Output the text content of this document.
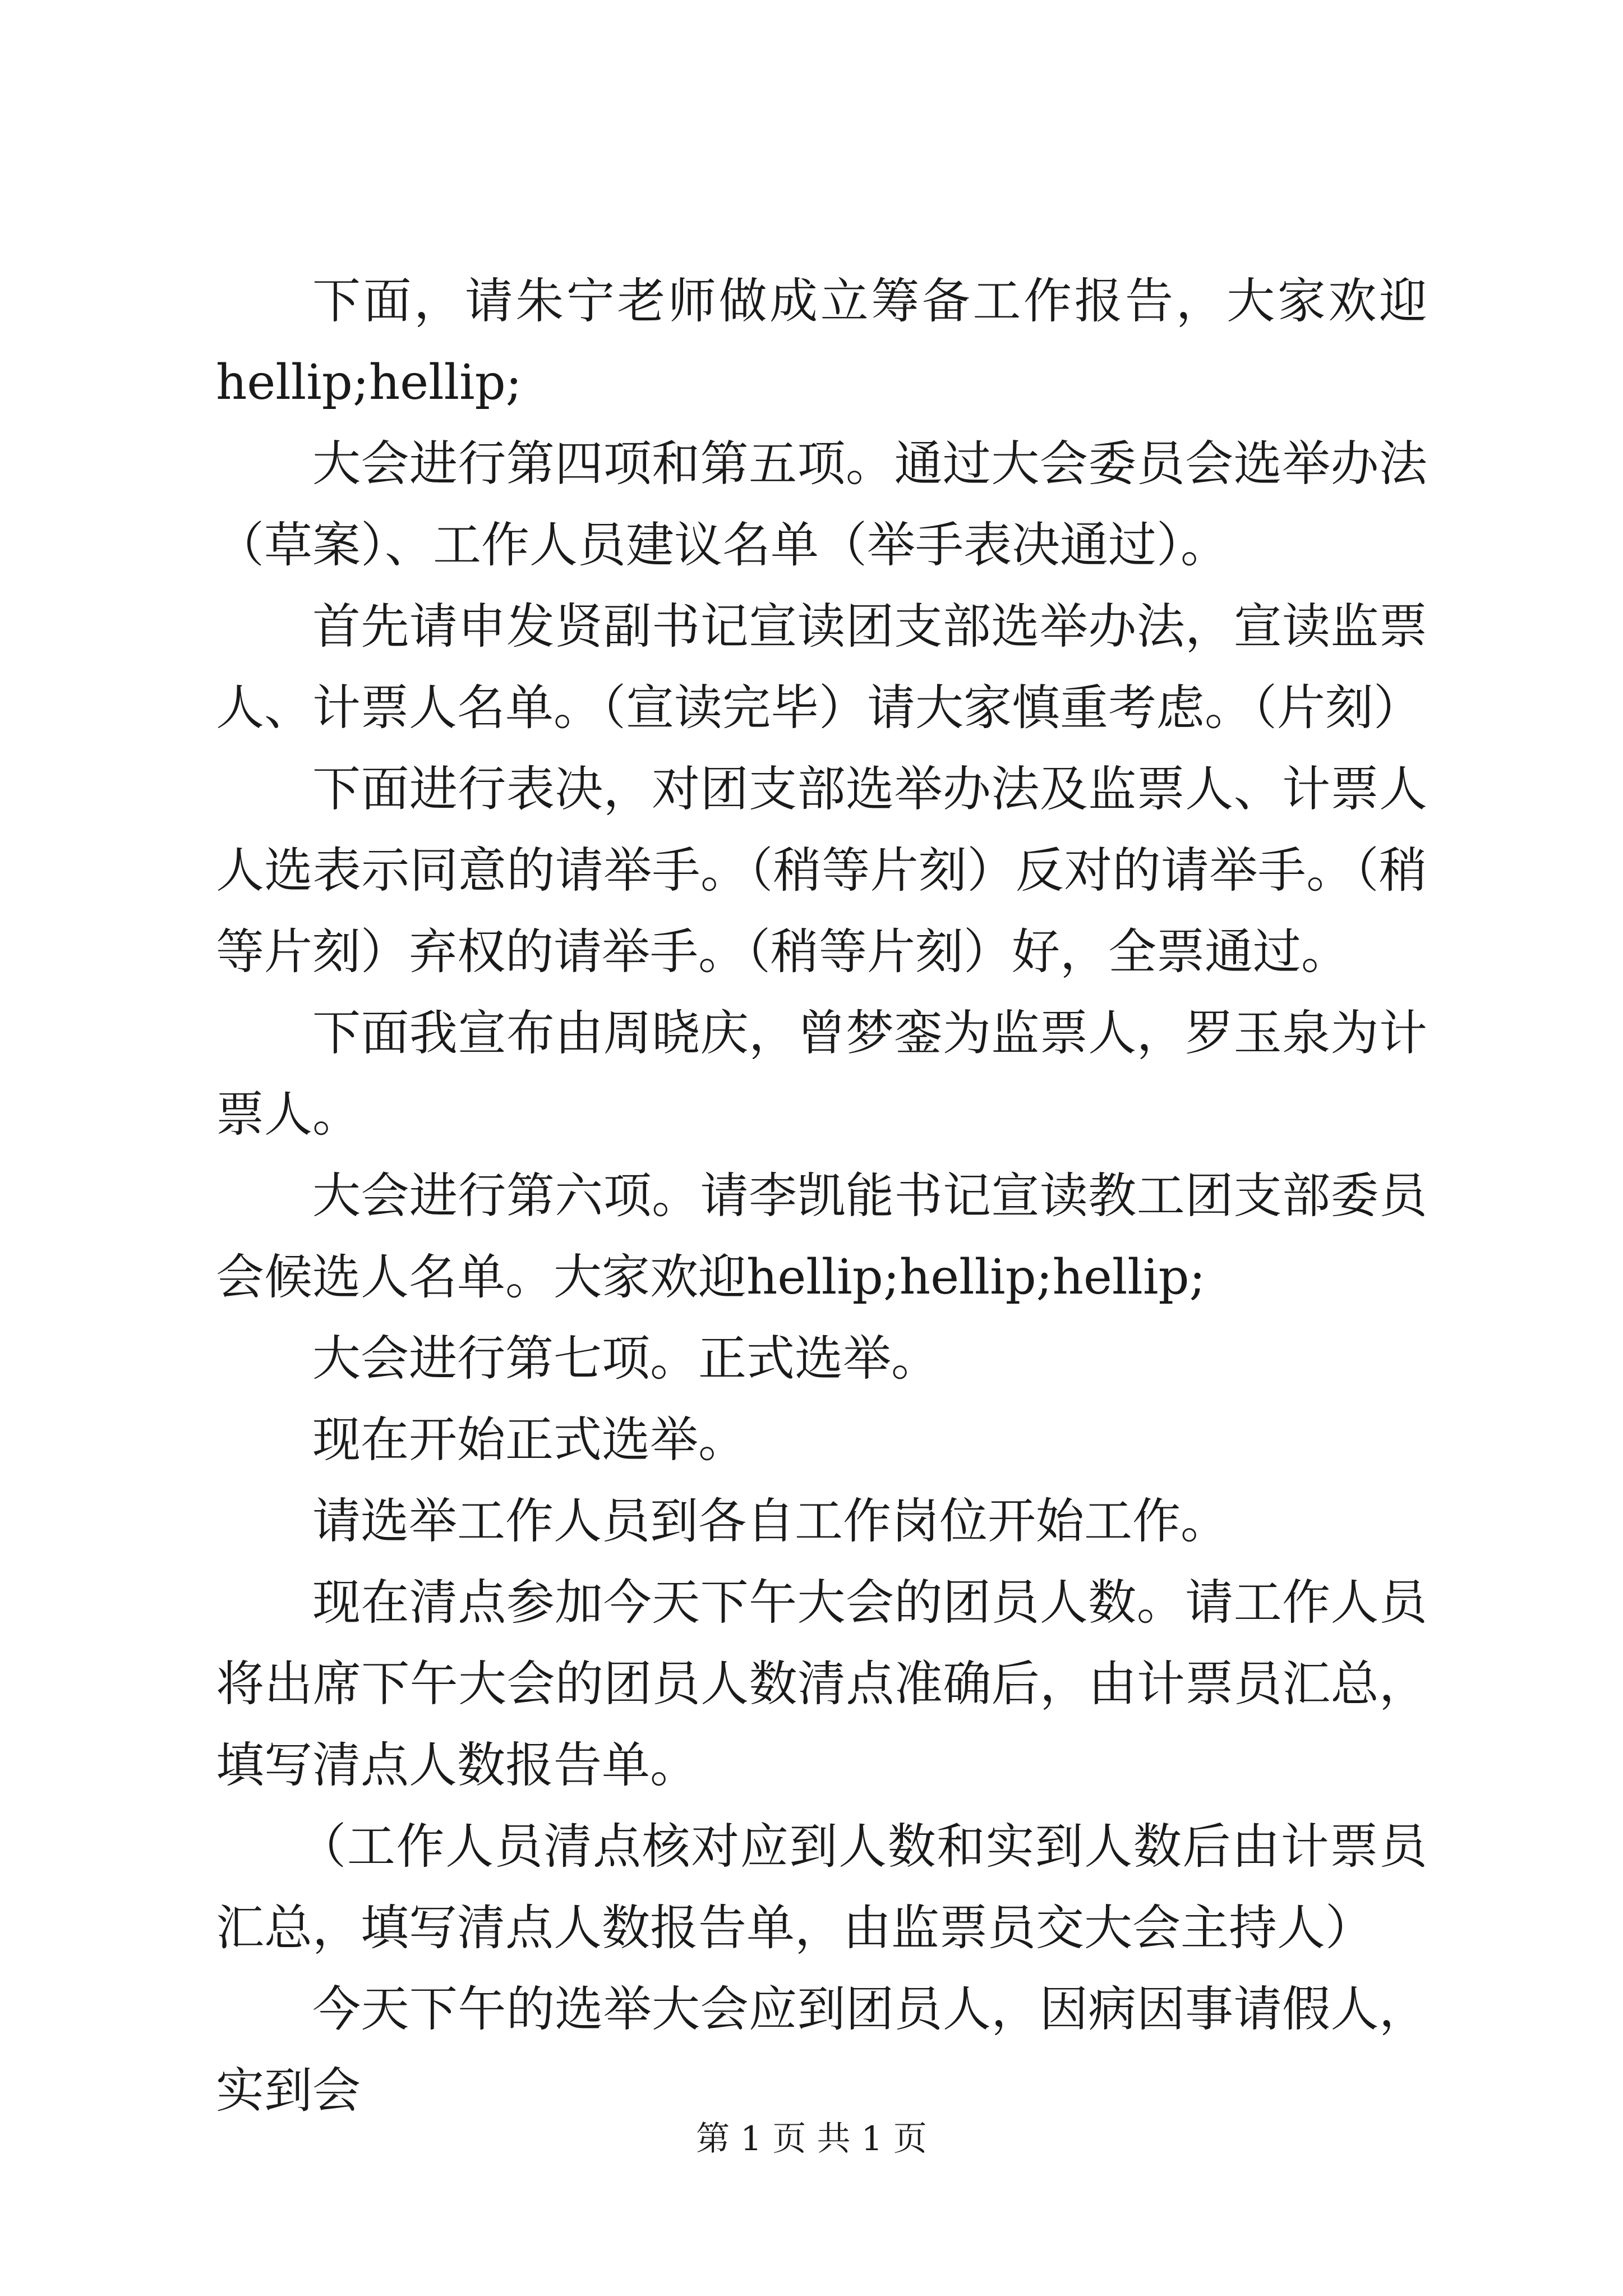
下面，请朱宁老师做成立筹备工作报告，大家欢迎hellip;hellip;

大会进行第四项和第五项。通过大会委员会选举办法（草案）、工作人员建议名单（举手表决通过）。

首先请申发贤副书记宣读团支部选举办法，宣读监票人、计票人名单。（宣读完毕）请大家慎重考虑。（片刻）

下面进行表决，对团支部选举办法及监票人、计票人人选表示同意的请举手。（稍等片刻）反对的请举手。（稍等片刻）弃权的请举手。（稍等片刻）好，全票通过。

下面我宣布由周晓庆，曾梦銮为监票人，罗玉泉为计票人。

大会进行第六项。请李凯能书记宣读教工团支部委员会候选人名单。大家欢迎hellip;hellip;hellip;

大会进行第七项。正式选举。

现在开始正式选举。

请选举工作人员到各自工作岗位开始工作。

现在清点参加今天下午大会的团员人数。请工作人员将出席下午大会的团员人数清点准确后，由计票员汇总，填写清点人数报告单。

（工作人员清点核对应到人数和实到人数后由计票员汇总，填写清点人数报告单，由监票员交大会主持人）

今天下午的选举大会应到团员人，因病因事请假人，实到会

第 1 页 共 1 页
